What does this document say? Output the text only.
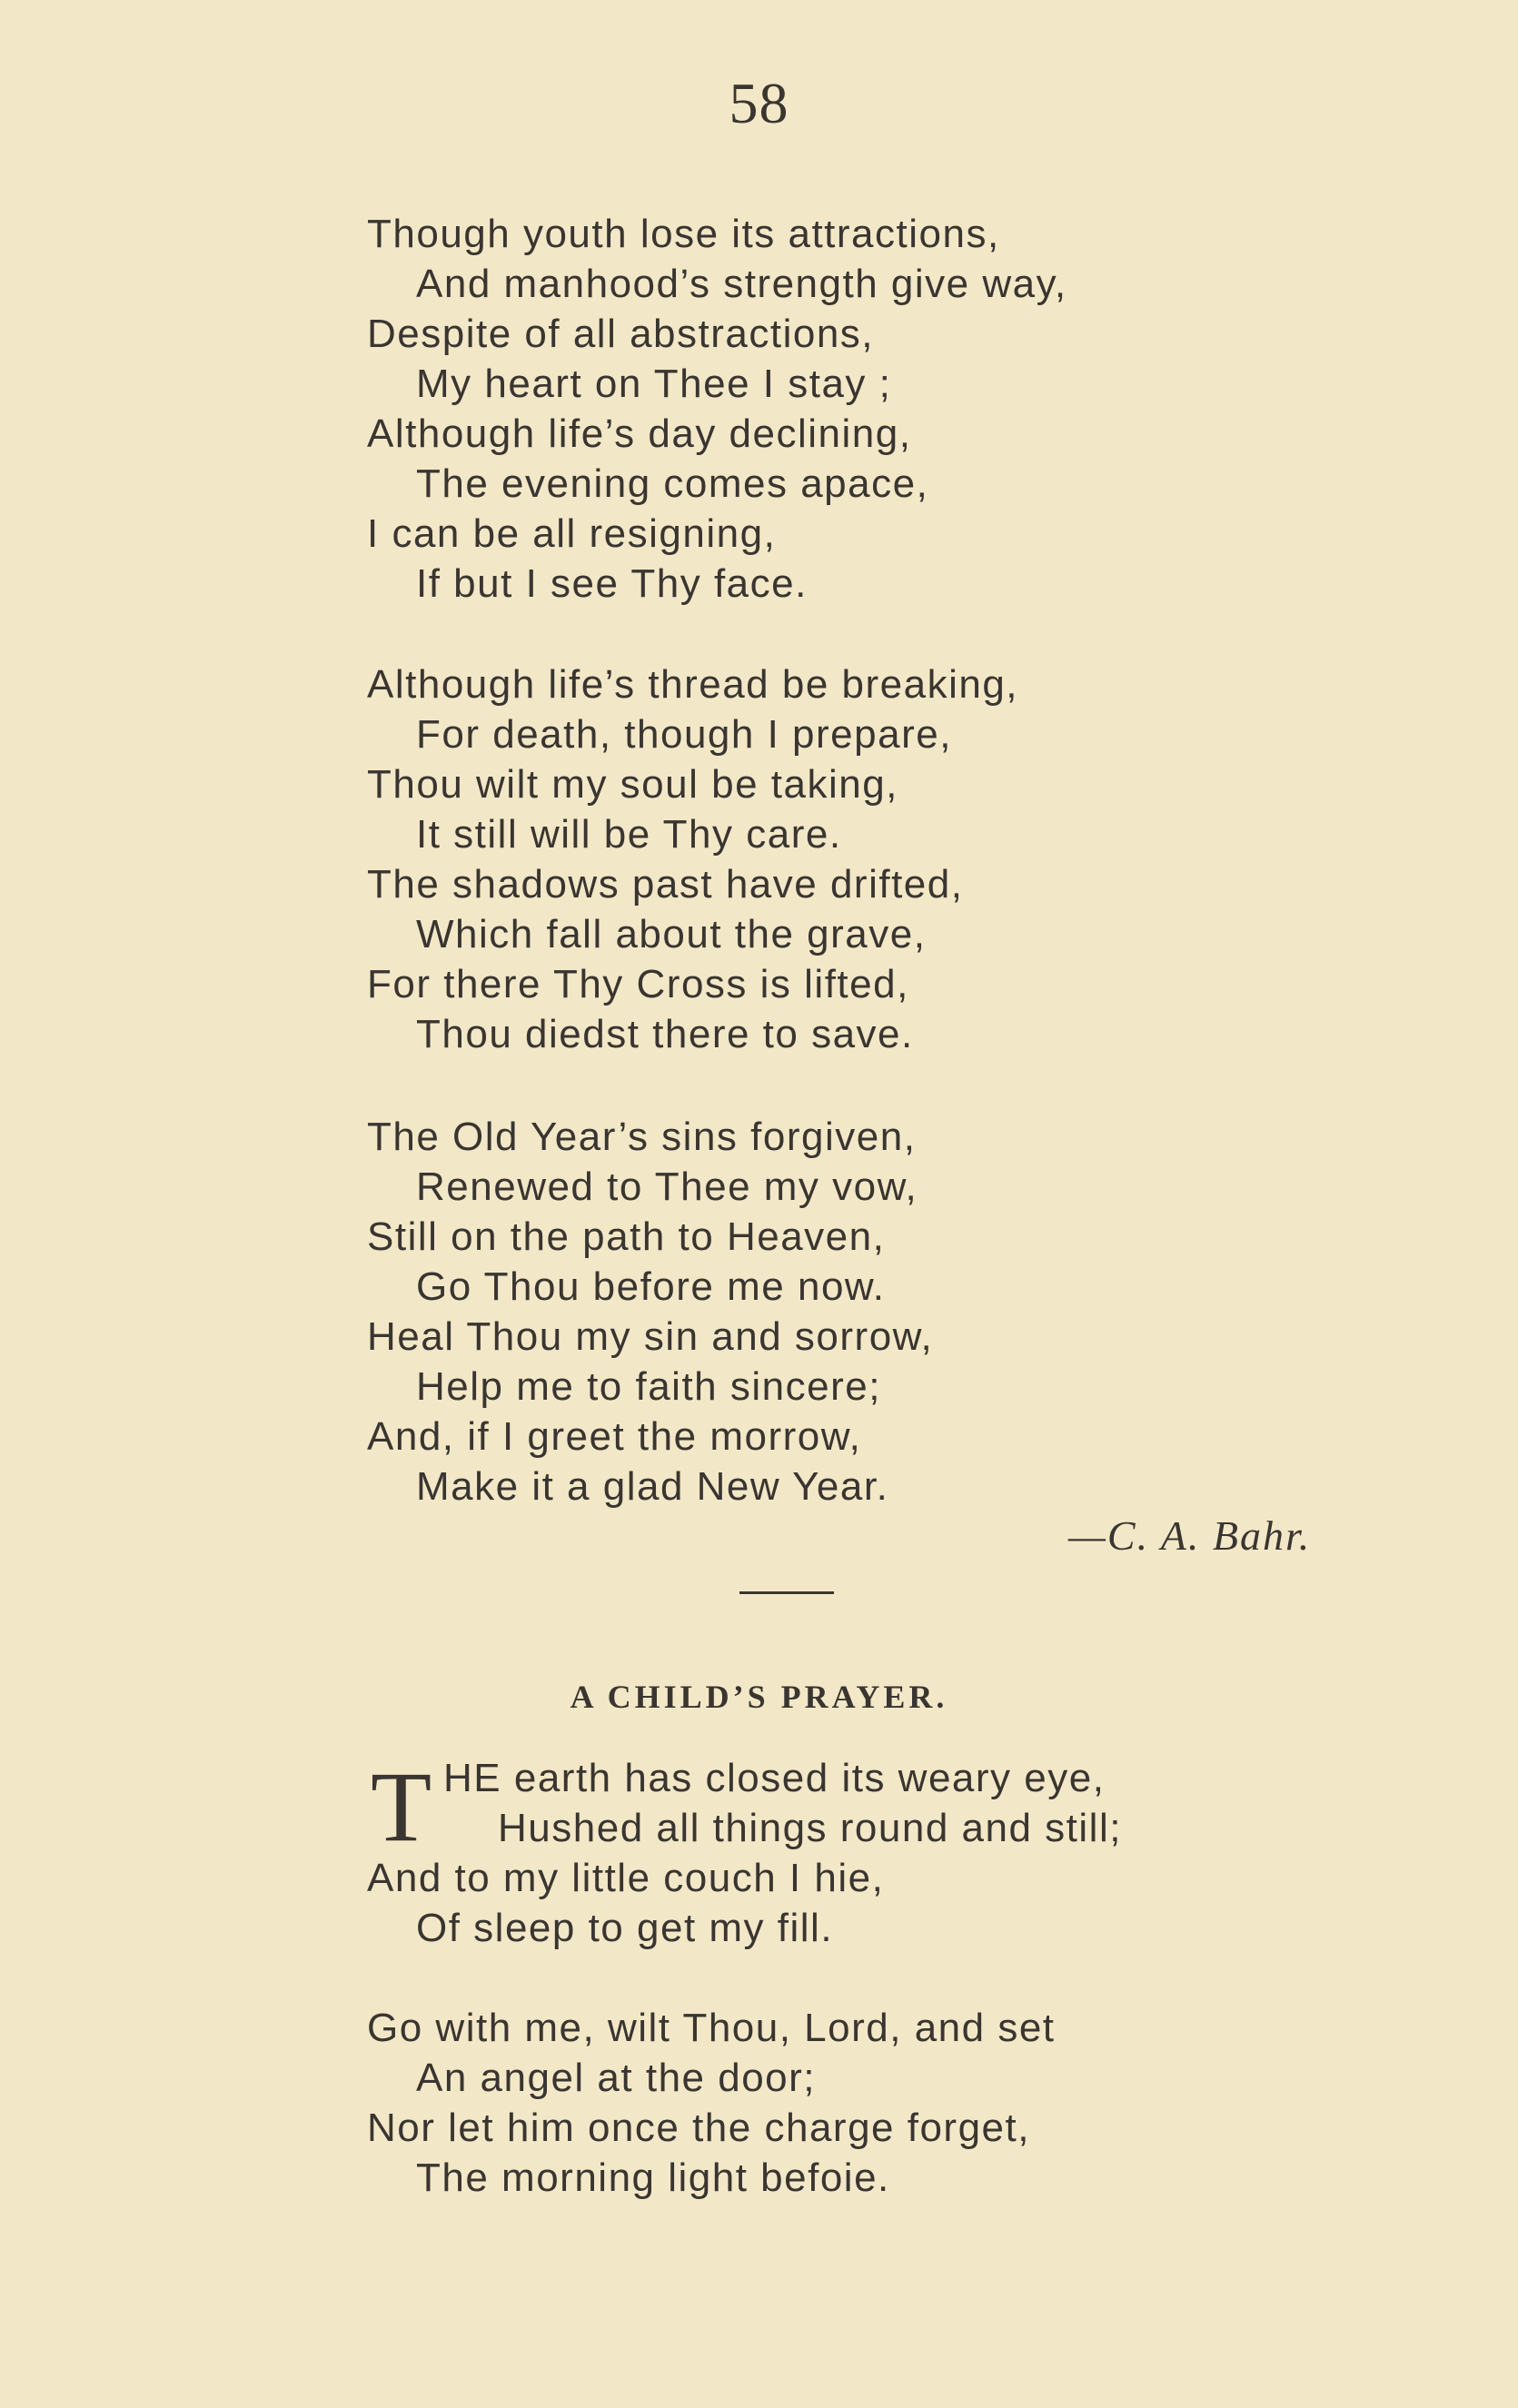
58
Though youth lose its attractions,
And manhood’s strength give way,
Despite of all abstractions,
My heart on Thee I stay ;
Although life’s day declining,
The evening comes apace,
I can be all resigning,
If but I see Thy face.
Although life’s thread be breaking,
For death, though I prepare,
Thou wilt my soul be taking,
It still will be Thy care.
The shadows past have drifted,
Which fall about the grave,
For there Thy Cross is lifted,
Thou diedst there to save.
The Old Year’s sins forgiven,
Renewed to Thee my vow,
Still on the path to Heaven,
Go Thou before me now.
Heal Thou my sin and sorrow,
Help me to faith sincere;
And, if I greet the morrow,
Make it a glad New Year.
—C. A. Bahr.
A CHILD’S PRAYER.
T HE earth has closed its weary eye,
Hushed all things round and still;
And to my little couch I hie,
Of sleep to get my fill.
Go with me, wilt Thou, Lord, and set
An angel at the door;
Nor let him once the charge forget,
The morning light befoie.
